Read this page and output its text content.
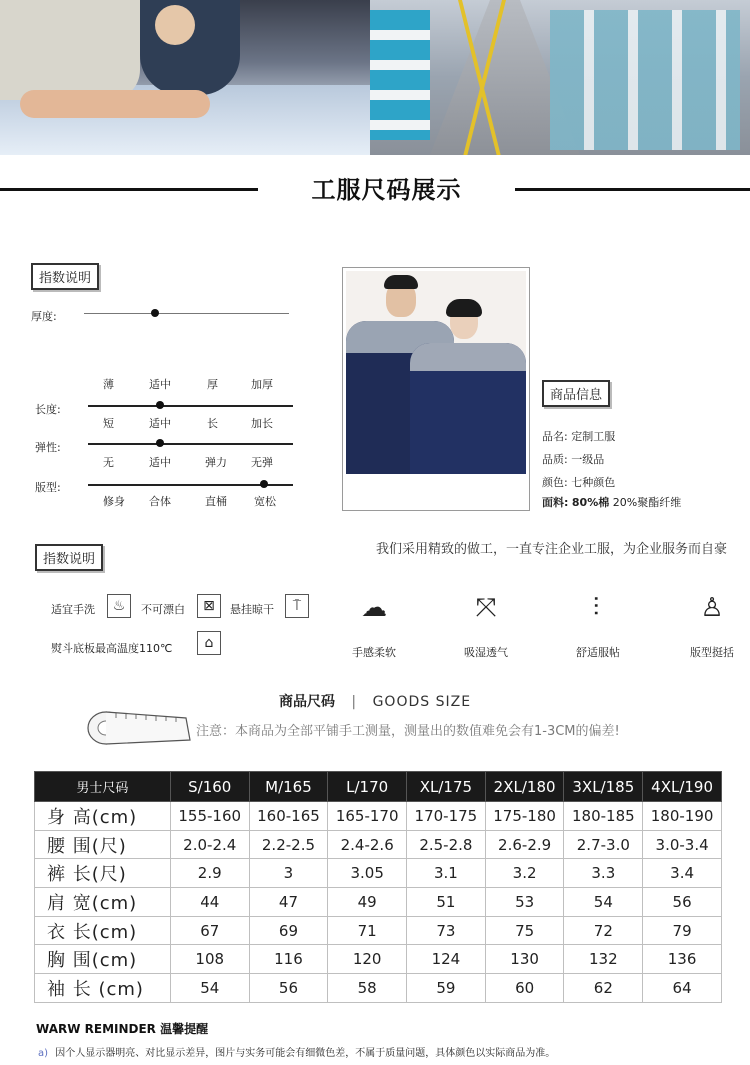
工服尺码展示
指数说明
厚度:
薄	适中	厚	加厚
长度:
短	适中	长	加长
弹性:
无	适中	弹力 无弹
版型:
修身 合体	直桶 宽松
商品信息
品名: 定制工服
品质: 一级品
颜色: 七种颜色
面料: 80%棉 20%聚酯纤维
指数说明
我们采用精致的做工，一直专注企业工服，为企业服务而自豪
适宜手洗	♨	不可漂白	⊠	悬挂晾干	⍑
熨斗底板最高温度110℃	⌂
☁
手感柔软
⤧
吸湿透气
⫶
舒适服帖
♙
版型挺括
商品尺码 | GOODS SIZE
注意：本商品为全部平铺手工测量，测量出的数值难免会有1-3CM的偏差!
男士尺码	S/160	M/165	L/170	XL/175	2XL/180	3XL/185	4XL/190
身 高(cm)	155-160	160-165	165-170	170-175	175-180	180-185	180-190
腰 围(尺)	2.0-2.4	2.2-2.5	2.4-2.6	2.5-2.8	2.6-2.9	2.7-3.0	3.0-3.4
裤 长(尺)	2.9	3	3.05	3.1	3.2	3.3	3.4
肩 宽(cm)	44	47	49	51	53	54	56
衣 长(cm)	67	69	71	73	75	72	79
胸 围(cm)	108	116	120	124	130	132	136
袖 长 (cm)	54	56	58	59	60	62	64
WARW REMINDER 温馨提醒
a) 因个人显示器明亮、对比显示差异，图片与实务可能会有细微色差，不属于质量问题，具体颜色以实际商品为准。
